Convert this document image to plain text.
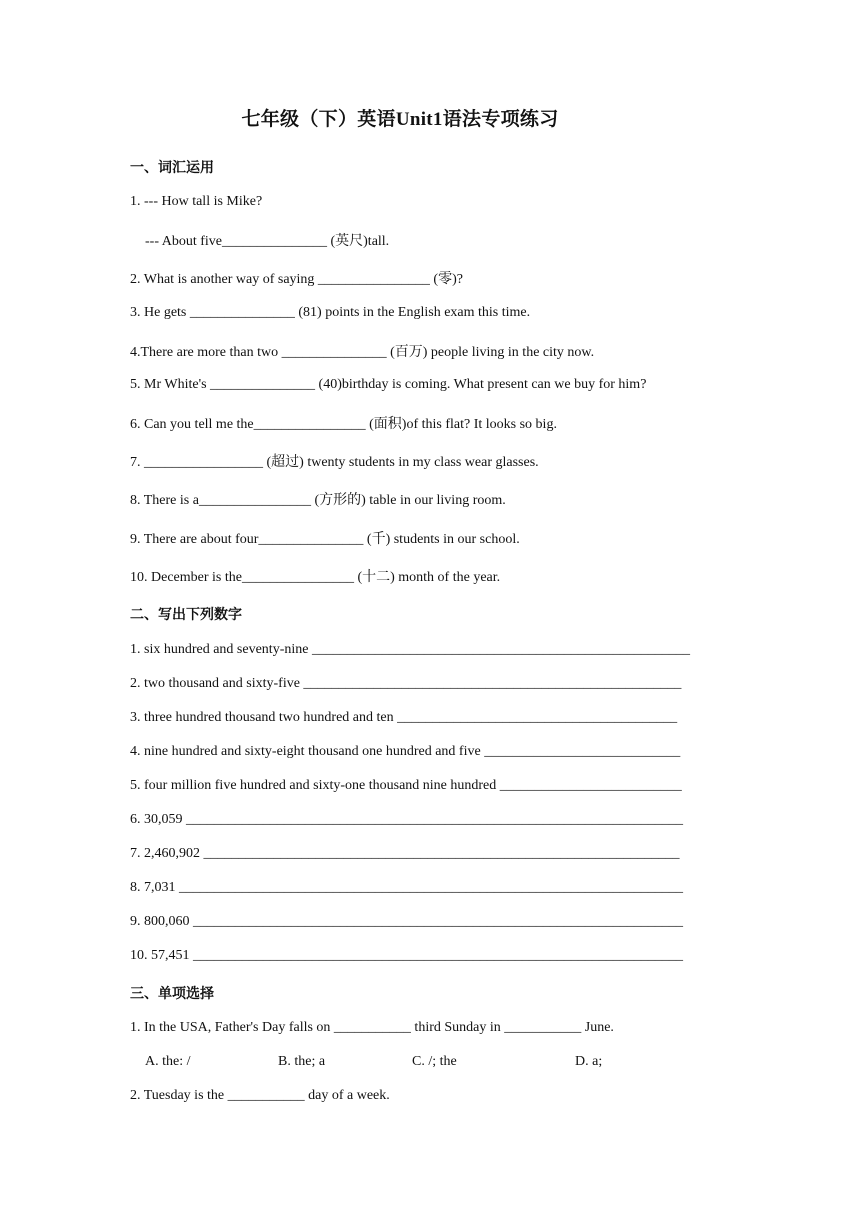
七年级（下）英语Unit1语法专项练习
一、词汇运用
1. --- How tall is Mike?
--- About five_______________ (英尺)tall.
2. What is another way of saying ________________ (零)?
3. He gets _______________ (81) points in the English exam this time.
4.There are more than two _______________ (百万) people living in the city now.
5. Mr White's _______________ (40)birthday is coming. What present can we buy for him?
6. Can you tell me the________________ (面积)of this flat? It looks so big.
7. _________________ (超过) twenty students in my class wear glasses.
8. There is a________________ (方形的) table in our living room.
9. There are about four_______________ (千) students in our school.
10. December is the________________ (十二) month of the year.
二、写出下列数字
1. six hundred and seventy-nine ______________________________________________________
2. two thousand and sixty-five ______________________________________________________
3. three hundred thousand two hundred and ten ________________________________________
4. nine hundred and sixty-eight thousand one hundred and five ____________________________
5. four million five hundred and sixty-one thousand nine hundred __________________________
6. 30,059 _______________________________________________________________________
7. 2,460,902 ____________________________________________________________________
8. 7,031 ________________________________________________________________________
9. 800,060 ______________________________________________________________________
10. 57,451 ______________________________________________________________________
三、单项选择
1. In the USA, Father's Day falls on ___________ third Sunday in ___________ June.
A. the: /	B. the; a	C. /; the	D. a;
2. Tuesday is the ___________ day of a week.
